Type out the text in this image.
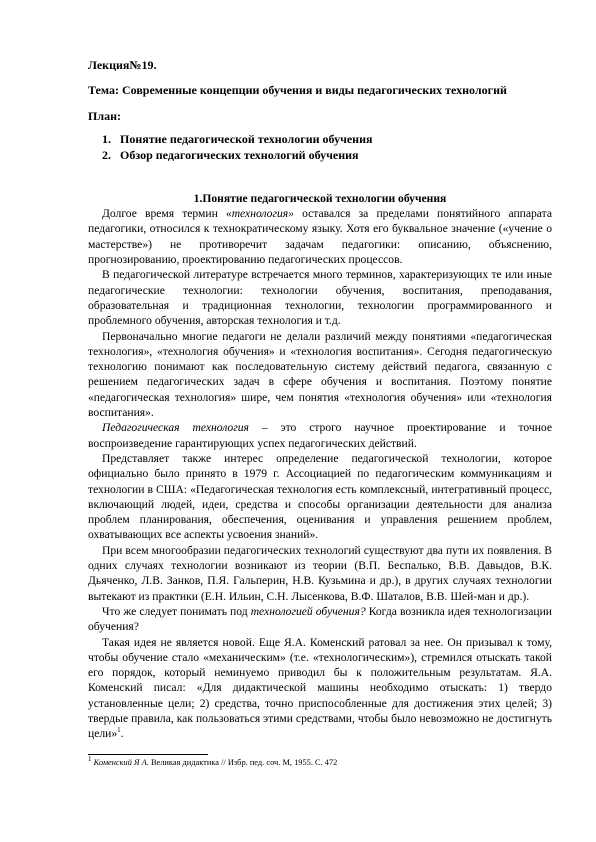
Лекция№19.
Тема: Современные концепции обучения и виды педагогических технологий
План:
1. Понятие педагогической технологии обучения
2. Обзор педагогических технологий обучения
1.Понятие педагогической технологии обучения

Долгое время термин «технология» оставался за пределами понятийного аппарата педагогики, относился к технократическому языку. Хотя его буквальное значение («учение о мастерстве») не противоречит задачам педагогики: описанию, объяснению, прогнозированию, проектированию педагогических процессов.

В педагогической литературе встречается много терминов, характеризующих те или иные педагогические технологии: технологии обучения, воспитания, преподавания, образовательная и традиционная технологии, технологии программированного и проблемного обучения, авторская технология и т.д.

Первоначально многие педагоги не делали различий между понятиями «педагогическая технология», «технология обучения» и «технология воспитания». Сегодня педагогическую технологию понимают как последовательную систему действий педагога, связанную с решением педагогических задач в сфере обучения и воспитания. Поэтому понятие «педагогическая технология» шире, чем понятия «технология обучения» или «технология воспитания».

Педагогическая технология – это строго научное проектирование и точное воспроизведение гарантирующих успех педагогических действий.

Представляет также интерес определение педагогической технологии, которое официально было принято в 1979 г. Ассоциацией по педагогическим коммуникациям и технологии в США: «Педагогическая технология есть комплексный, интегративный процесс, включающий людей, идеи, средства и способы организации деятельности для анализа проблем планирования, обеспечения, оценивания и управления решением проблем, охватывающих все аспекты усвоения знаний».

При всем многообразии педагогических технологий существуют два пути их появления. В одних случаях технологии возникают из теории (В.П. Беспалько, В.В. Давыдов, В.К. Дьяченко, Л.В. Занков, П.Я. Гальперин, Н.В. Кузьмина и др.), в других случаях технологии вытекают из практики (Е.Н. Ильин, С.Н. Лысенкова, В.Ф. Шаталов, В.В. Шей-ман и др.).

Что же следует понимать под технологией обучения? Когда возникла идея технологизации обучения?

Такая идея не является новой. Еще Я.А. Коменский ратовал за нее. Он призывал к тому, чтобы обучение стало «механическим» (т.е. «технологическим»), стремился отыскать такой его порядок, который неминуемо приводил бы к положительным результатам. Я.А. Коменский писал: «Для дидактической машины необходимо отыскать: 1) твердо установленные цели; 2) средства, точно приспособленные для достижения этих целей; 3) твердые правила, как пользоваться этими средствами, чтобы было невозможно не достигнуть цели»$^1$.

$^1$ Коменский Я А. Великая дидактика // Избр. пед. соч. М, 1955. С. 472
